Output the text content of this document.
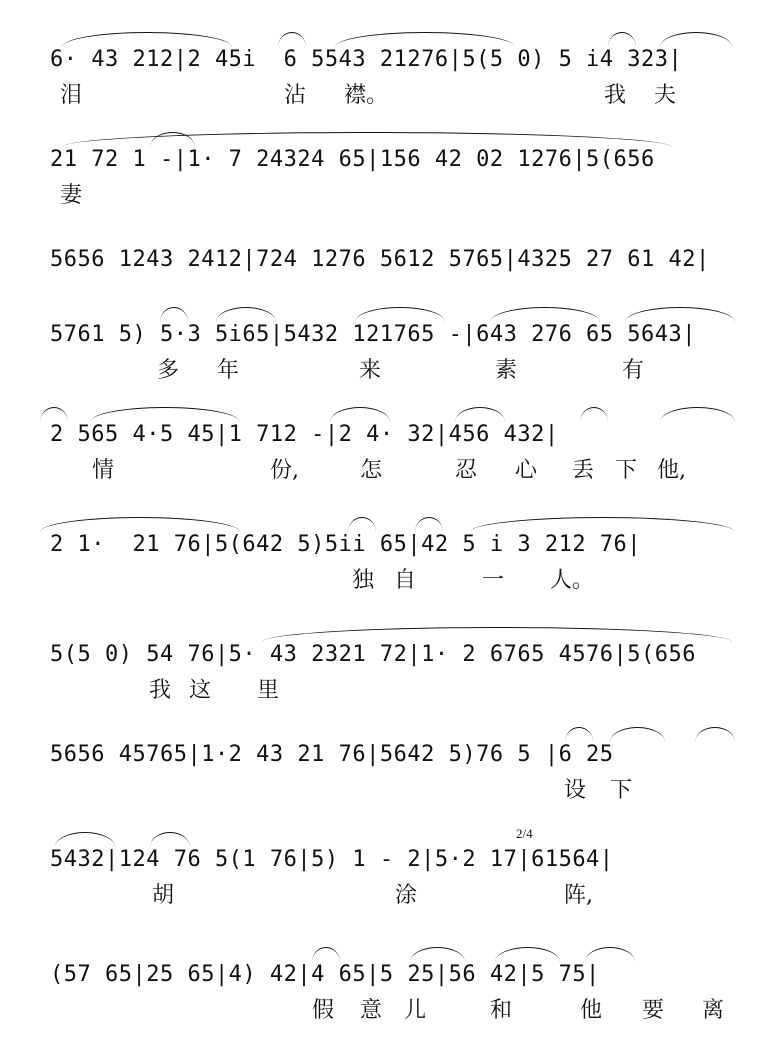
6· 43 212|2 45i  6 5543 21276|5(5 0) 5 i4 323|
泪	沾 襟。	我 夫
21 72 1 -|1· 7 24324 65|156 42 02 1276|5(656
妻
5656 1243 2412|724 1276 5612 5765|4325 27 61 42|
5761 5) 5·3 5i65|5432 121765 -|643 276 65 5643|
多 年	来	素	有
2 565 4·5 45|1 712 -|2 4· 32|456 432|
情	份,	怎	忍 心 丢 下 他,
2 1·  21 76|5(642 5)5ii 65|42 5 i 3 212 76|
独 自	一 人。
5(5 0) 54 76|5· 43 2321 72|1· 2 6765 4576|5(656
我 这 里
5656 45765|1·2 43 21 76|5642 5)76 5 |6 25
设 下
2/4
5432|124 76 5(1 76|5) 1 - 2|5·2 17|61564|
胡	涂	阵,
(57 65|25 65|4) 42|4 65|5 25|56 42|5 75|
假 意 儿	和	他 要 离
